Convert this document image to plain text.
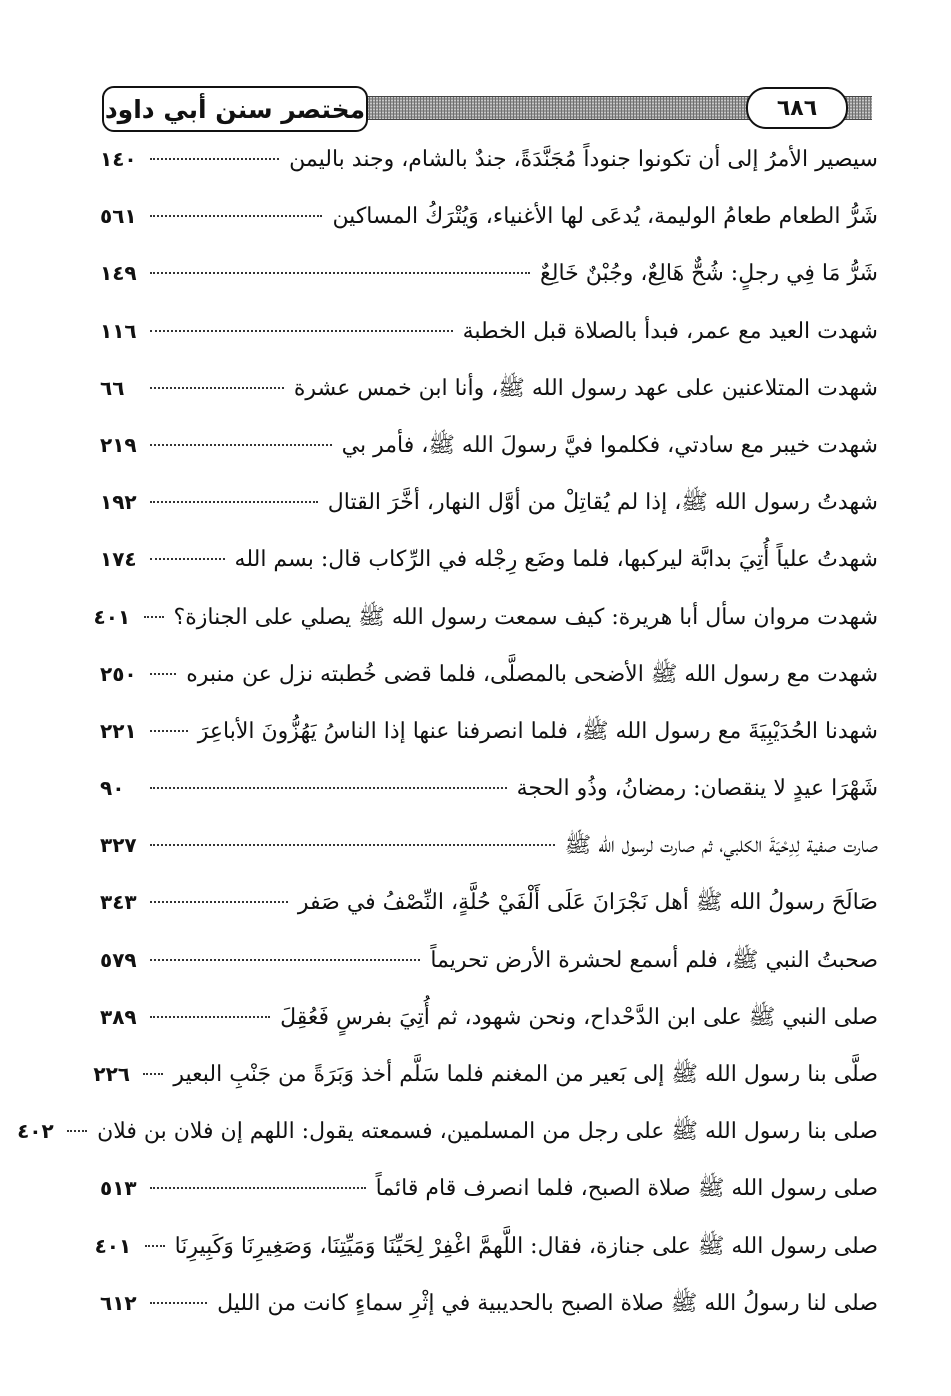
مختصر سنن أبي داود	٦٨٦
سيصير الأمرُ إلى أن تكونوا جنوداً مُجَنَّدَةً، جندٌ بالشام، وجند باليمن
١٤٠
شَرُّ الطعام طعامُ الوليمة، يُدعَى لها الأغنياء، وَيُتْرَكُ المساكين
٥٦١
شَرُّ مَا فِي رجلٍ: شُحٌّ هَالِعٌ، وجُبْنٌ خَالِعٌ
١٤٩
شهدت العيد مع عمر، فبدأ بالصلاة قبل الخطبة
١١٦
شهدت المتلاعنين على عهد رسول الله ﷺ، وأنا ابن خمس عشرة
٦٦
شهدت خيبر مع سادتي، فكلموا فيَّ رسولَ الله ﷺ، فأمر بي
٢١٩
شهدتُ رسول الله ﷺ، إذا لم يُقاتِلْ من أوَّل النهار، أخَّرَ القتال
١٩٢
شهدتُ علياً أُتِيَ بدابَّة ليركبها، فلما وضَع رِجْله في الرِّكاب قال: بسم الله
١٧٤
شهدت مروان سأل أبا هريرة: كيف سمعت رسول الله ﷺ يصلي على الجنازة؟
٤٠١
شهدت مع رسول الله ﷺ الأضحى بالمصلَّى، فلما قضى خُطبته نزل عن منبره
٢٥٠
شهدنا الحُدَيْبِيَةَ مع رسول الله ﷺ، فلما انصرفنا عنها إذا الناسُ يَهُزُّونَ الأباعِرَ
٢٢١
شَهْرَا عيدٍ لا ينقصان: رمضانُ، وذُو الحجة
٩٠
صارت صفية لِدِحْيَةَ الكلبي، ثم صارت لرسول الله ﷺ
٣٢٧
صَالَحَ رسولُ الله ﷺ أهل نَجْرَانَ عَلَى أَلْفَيْ حُلَّةٍ، النِّصْفُ في صَفر
٣٤٣
صحبتُ النبي ﷺ، فلم أسمع لحشرة الأرض تحريماً
٥٧٩
صلى النبي ﷺ على ابن الدَّحْداح، ونحن شهود، ثم أُتِيَ بفرسٍ فَعُقِلَ
٣٨٩
صلَّى بنا رسول الله ﷺ إلى بَعير من المغنم فلما سَلَّم أخذ وَبَرَةً من جَنْبِ البعير
٢٢٦
صلى بنا رسول الله ﷺ على رجل من المسلمين، فسمعته يقول: اللهم إن فلان بن فلان
٤٠٢
صلى رسول الله ﷺ صلاة الصبح، فلما انصرف قام قائماً
٥١٣
صلى رسول الله ﷺ على جنازة، فقال: اللَّهمَّ اغْفِرْ لِحَيِّنَا وَمَيِّتِنَا، وَصَغِيرِنَا وَكَبِيرِنَا
٤٠١
صلى لنا رسولُ الله ﷺ صلاة الصبح بالحديبية في إثْرِ سماءٍ كانت من الليل
٦١٢
